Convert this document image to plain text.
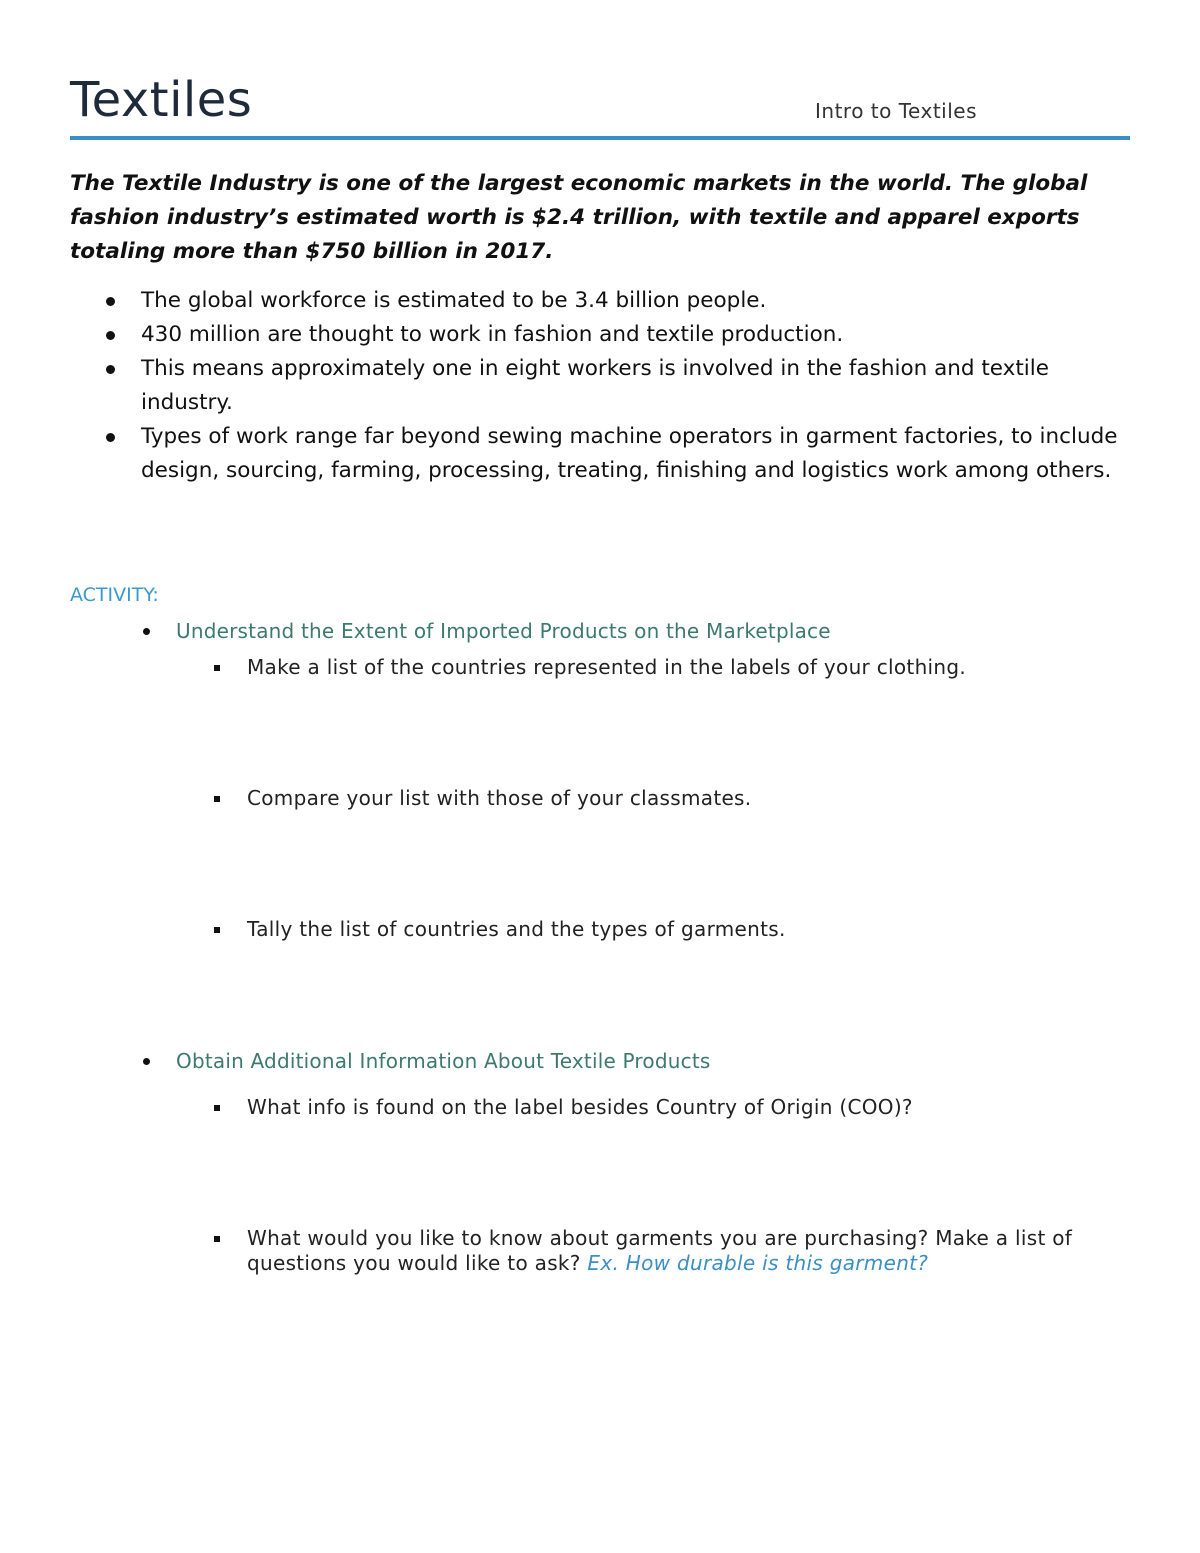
Textiles	Intro to Textiles

The Textile Industry is one of the largest economic markets in the world. The global fashion industry’s estimated worth is $2.4 trillion, with textile and apparel exports totaling more than $750 billion in 2017.

The global workforce is estimated to be 3.4 billion people.
430 million are thought to work in fashion and textile production.
This means approximately one in eight workers is involved in the fashion and textile industry.
Types of work range far beyond sewing machine operators in garment factories, to include design, sourcing, farming, processing, treating, finishing and logistics work among others.
ACTIVITY:
Understand the Extent of Imported Products on the Marketplace
Make a list of the countries represented in the labels of your clothing.
Compare your list with those of your classmates.
Tally the list of countries and the types of garments.
Obtain Additional Information About Textile Products
What info is found on the label besides Country of Origin (COO)?
What would you like to know about garments you are purchasing? Make a list of questions you would like to ask? Ex. How durable is this garment?
